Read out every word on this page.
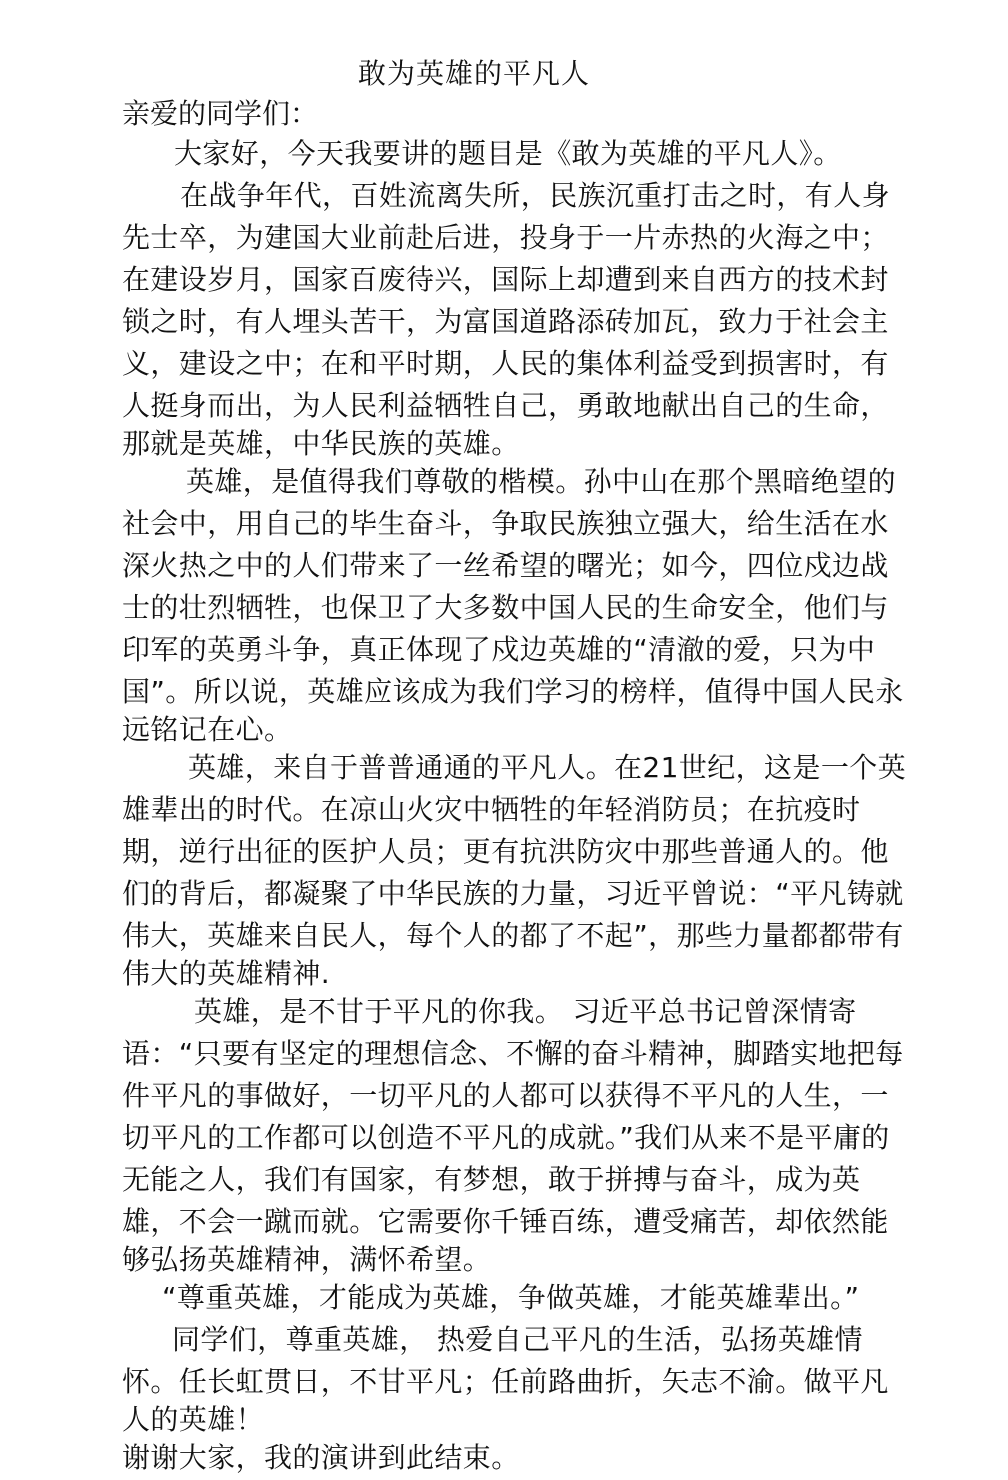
敢为英雄的平凡人
亲爱的同学们：
大家好，今天我要讲的题目是《敢为英雄的平凡人》。
在战争年代，百姓流离失所，民族沉重打击之时，有人身
先士卒，为建国大业前赴后进，投身于一片赤热的火海之中；
在建设岁月，国家百废待兴，国际上却遭到来自西方的技术封
锁之时，有人埋头苦干，为富国道路添砖加瓦，致力于社会主
义，建设之中；在和平时期，人民的集体利益受到损害时，有
人挺身而出，为人民利益牺牲自己，勇敢地献出自己的生命，
那就是英雄，中华民族的英雄。
英雄，是值得我们尊敬的楷模。孙中山在那个黑暗绝望的
社会中，用自己的毕生奋斗，争取民族独立强大，给生活在水
深火热之中的人们带来了一丝希望的曙光；如今，四位戍边战
士的壮烈牺牲，也保卫了大多数中国人民的生命安全，他们与
印军的英勇斗争，真正体现了戍边英雄的“清澈的爱，只为中
国”。所以说，英雄应该成为我们学习的榜样，值得中国人民永
远铭记在心。
英雄，来自于普普通通的平凡人。在21世纪，这是一个英
雄辈出的时代。在凉山火灾中牺牲的年轻消防员；在抗疫时
期，逆行出征的医护人员；更有抗洪防灾中那些普通人的。他
们的背后，都凝聚了中华民族的力量，习近平曾说：“平凡铸就
伟大，英雄来自民人，每个人的都了不起”，那些力量都都带有
伟大的英雄精神.
英雄，是不甘于平凡的你我。 习近平总书记曾深情寄
语：“只要有坚定的理想信念、不懈的奋斗精神，脚踏实地把每
件平凡的事做好，一切平凡的人都可以获得不平凡的人生，一
切平凡的工作都可以创造不平凡的成就。”我们从来不是平庸的
无能之人，我们有国家，有梦想，敢于拼搏与奋斗，成为英
雄，不会一蹴而就。它需要你千锤百练，遭受痛苦，却依然能
够弘扬英雄精神，满怀希望。
“尊重英雄，才能成为英雄，争做英雄，才能英雄辈出。”
同学们，尊重英雄， 热爱自己平凡的生活，弘扬英雄情
怀。任长虹贯日，不甘平凡；任前路曲折，矢志不渝。做平凡
人的英雄！
谢谢大家，我的演讲到此结束。
